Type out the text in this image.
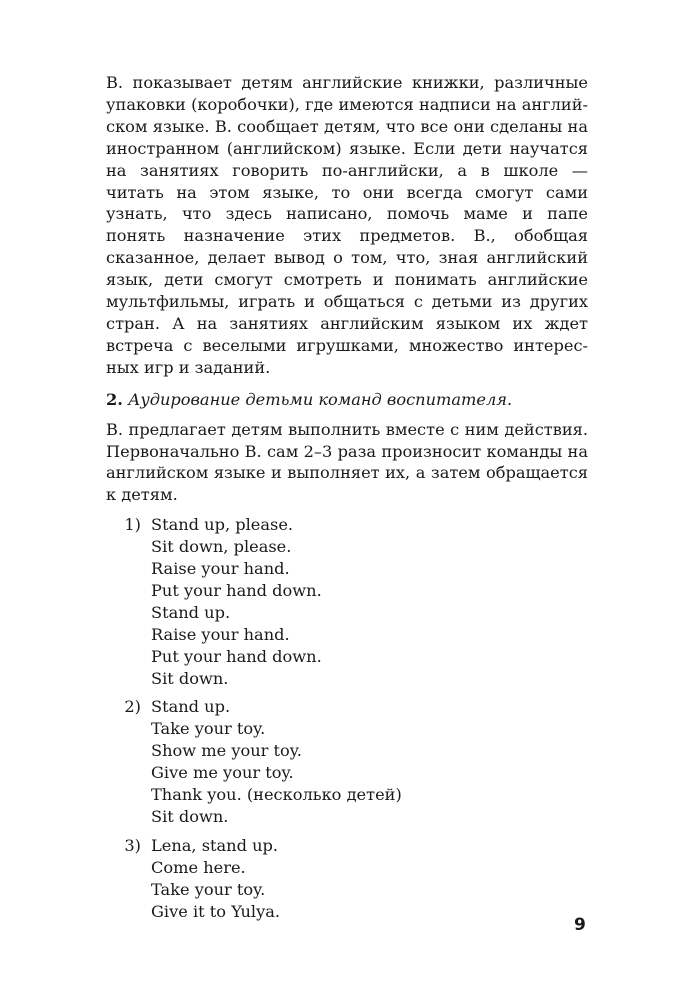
В. показывает детям английские книжки, различные упаковки (коробочки), где имеются надписи на английском языке. В. сообщает детям, что все они сделаны на иностранном (английском) языке. Если дети научатся на занятиях говорить по-английски, а в школе — читать на этом языке, то они всегда смогут сами узнать, что здесь написано, помочь маме и папе понять назначение этих предметов. В., обобщая сказанное, делает вывод о том, что, зная английский язык, дети смогут смотреть и понимать английские мультфильмы, играть и общаться с детьми из других стран. А на занятиях английским языком их ждет встреча с веселыми игрушками, множество интересных игр и заданий.

2. Аудирование детьми команд воспитателя.

В. предлагает детям выполнить вместе с ним действия. Первоначально В. сам 2–3 раза произносит команды на английском языке и выполняет их, а затем обращается к детям.

1) Stand up, please.
Sit down, please.
Raise your hand.
Put your hand down.
Stand up.
Raise your hand.
Put your hand down.
Sit down.
2) Stand up.
Take your toy.
Show me your toy.
Give me your toy.
Thank you. (несколько детей)
Sit down.
3) Lena, stand up.
Come here.
Take your toy.
Give it to Yulya.
9
